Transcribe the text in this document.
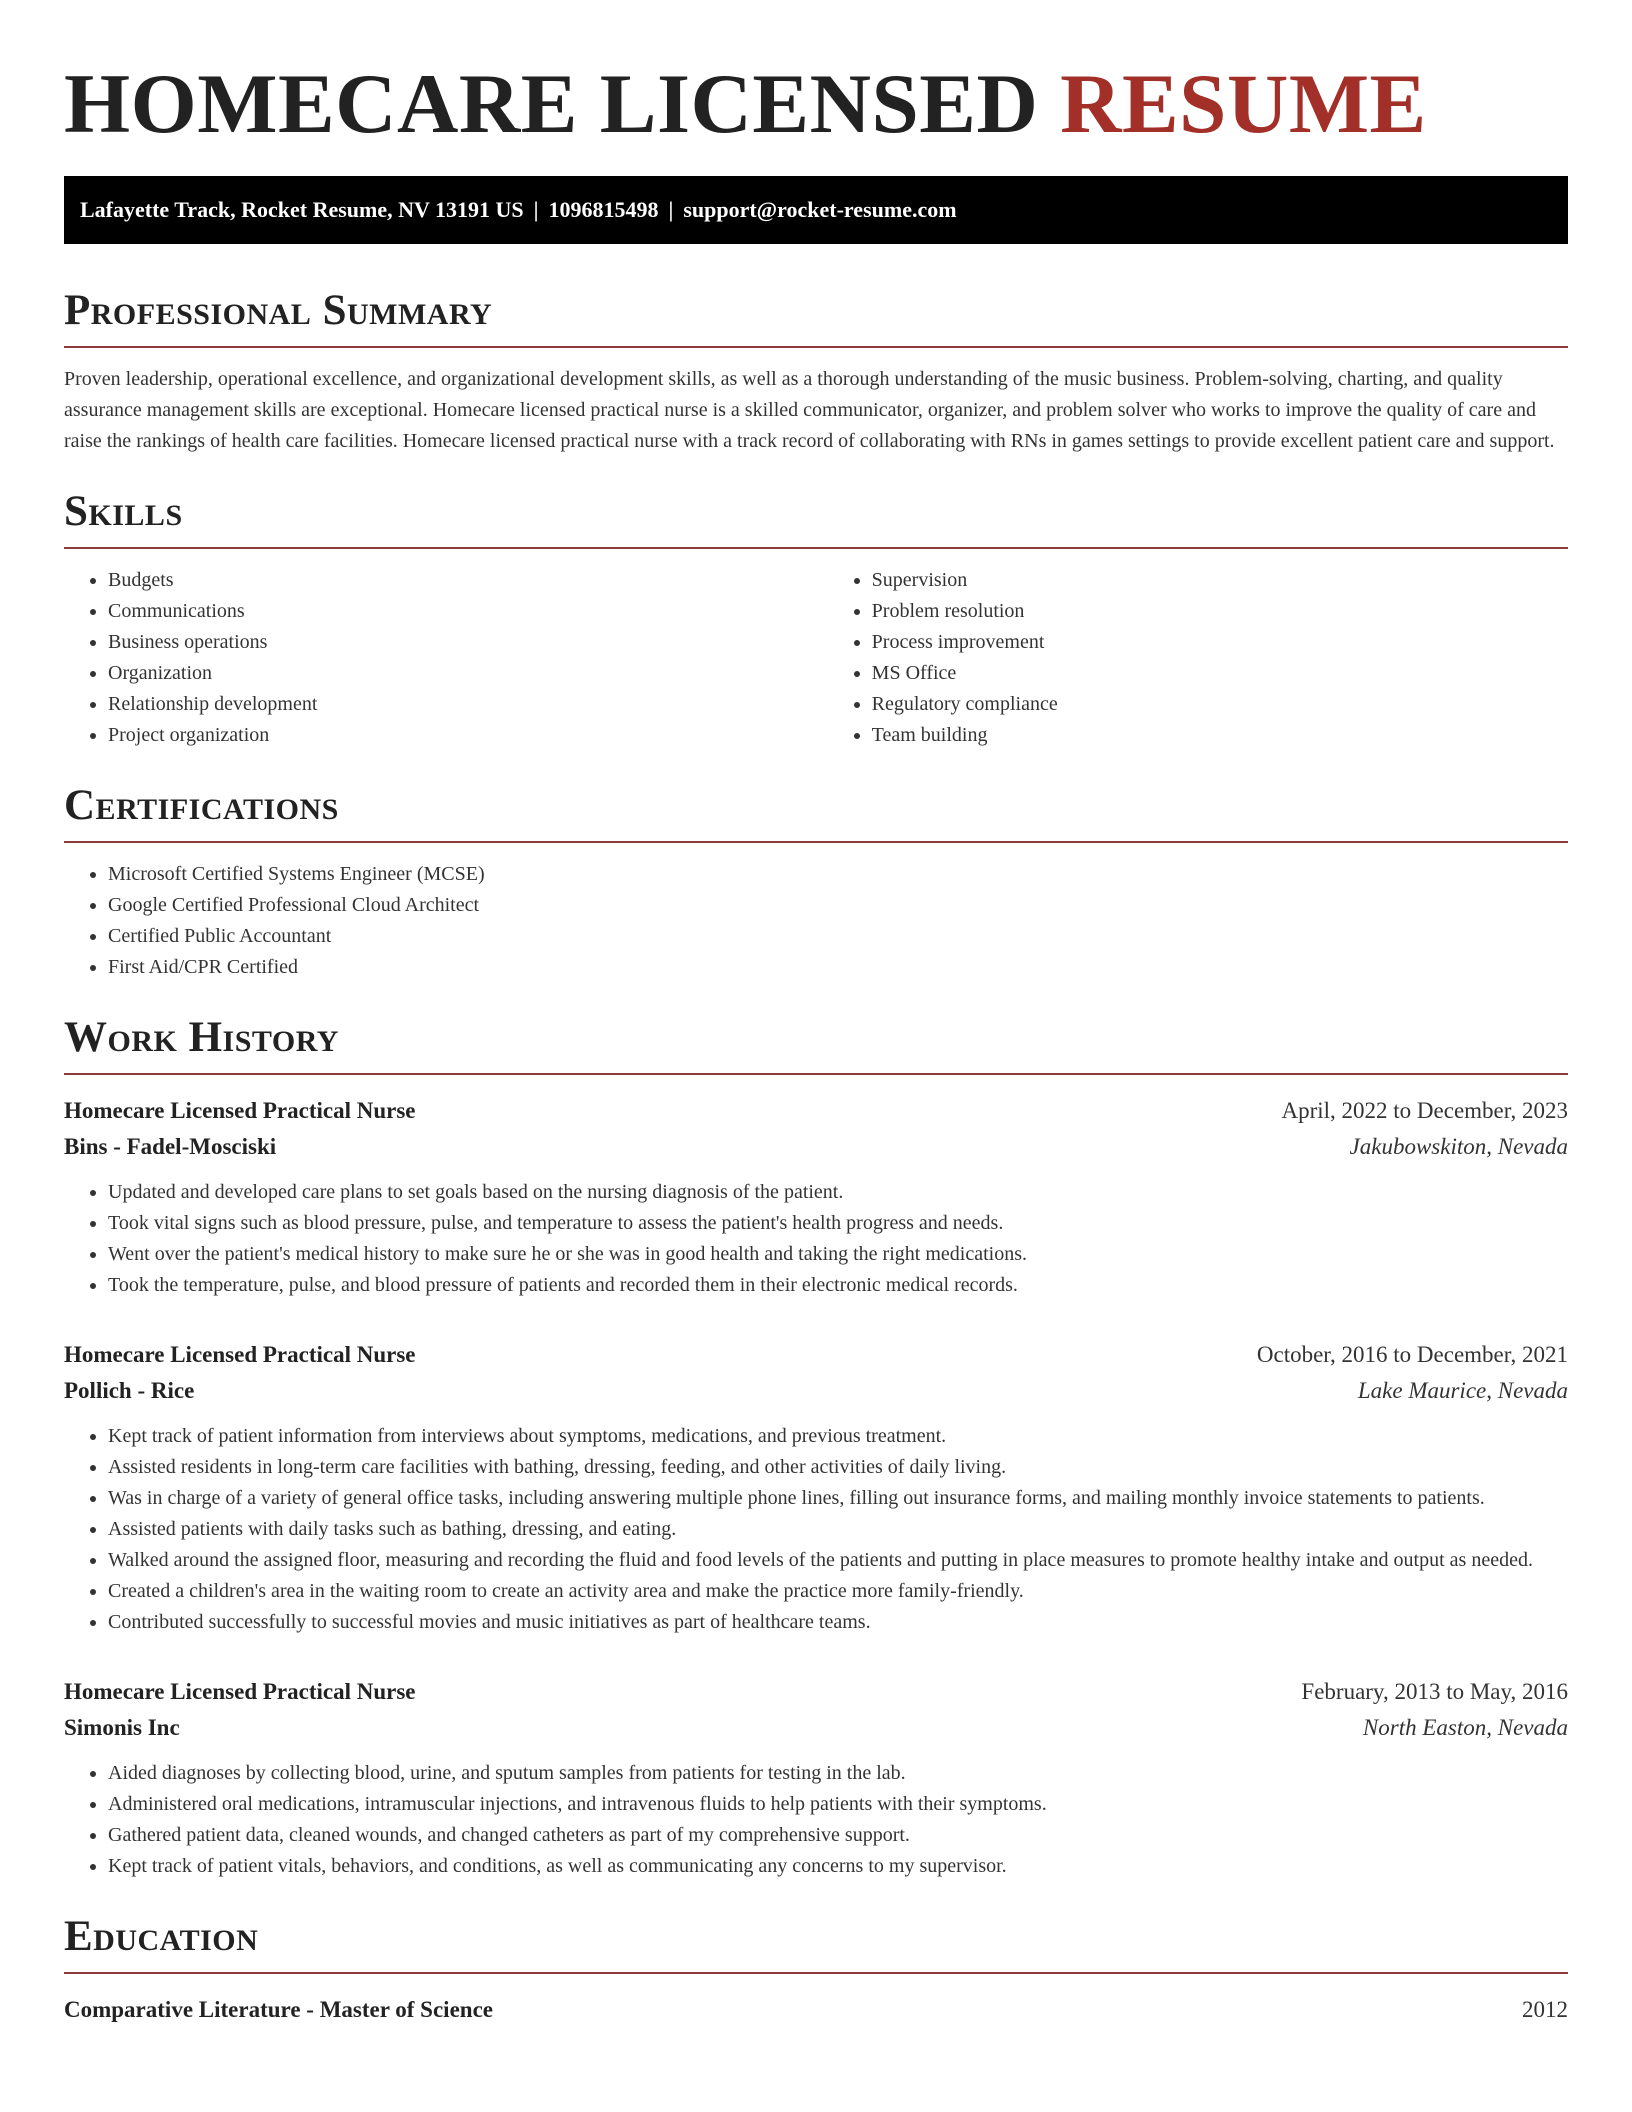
HOMECARE LICENSED RESUME
Lafayette Track, Rocket Resume, NV 13191 US | 1096815498 | support@rocket-resume.com
Professional Summary

Proven leadership, operational excellence, and organizational development skills, as well as a thorough understanding of the music business. Problem-solving, charting, and quality assurance management skills are exceptional. Homecare licensed practical nurse is a skilled communicator, organizer, and problem solver who works to improve the quality of care and raise the rankings of health care facilities. Homecare licensed practical nurse with a track record of collaborating with RNs in games settings to provide excellent patient care and support.

Skills
• Budgets
• Communications
• Business operations
• Organization
• Relationship development
• Project organization
• Supervision
• Problem resolution
• Process improvement
• MS Office
• Regulatory compliance
• Team building
Certifications
• Microsoft Certified Systems Engineer (MCSE)
• Google Certified Professional Cloud Architect
• Certified Public Accountant
• First Aid/CPR Certified
Work History
Homecare Licensed Practical Nurse	April, 2022 to December, 2023
Bins - Fadel-Mosciski	Jakubowskiton, Nevada
• Updated and developed care plans to set goals based on the nursing diagnosis of the patient.
• Took vital signs such as blood pressure, pulse, and temperature to assess the patient's health progress and needs.
• Went over the patient's medical history to make sure he or she was in good health and taking the right medications.
• Took the temperature, pulse, and blood pressure of patients and recorded them in their electronic medical records.
Homecare Licensed Practical Nurse	October, 2016 to December, 2021
Pollich - Rice	Lake Maurice, Nevada
• Kept track of patient information from interviews about symptoms, medications, and previous treatment.
• Assisted residents in long-term care facilities with bathing, dressing, feeding, and other activities of daily living.
• Was in charge of a variety of general office tasks, including answering multiple phone lines, filling out insurance forms, and mailing monthly invoice statements to patients.
• Assisted patients with daily tasks such as bathing, dressing, and eating.
• Walked around the assigned floor, measuring and recording the fluid and food levels of the patients and putting in place measures to promote healthy intake and output as needed.
• Created a children's area in the waiting room to create an activity area and make the practice more family-friendly.
• Contributed successfully to successful movies and music initiatives as part of healthcare teams.
Homecare Licensed Practical Nurse	February, 2013 to May, 2016
Simonis Inc	North Easton, Nevada
• Aided diagnoses by collecting blood, urine, and sputum samples from patients for testing in the lab.
• Administered oral medications, intramuscular injections, and intravenous fluids to help patients with their symptoms.
• Gathered patient data, cleaned wounds, and changed catheters as part of my comprehensive support.
• Kept track of patient vitals, behaviors, and conditions, as well as communicating any concerns to my supervisor.
Education
Comparative Literature - Master of Science	2012
